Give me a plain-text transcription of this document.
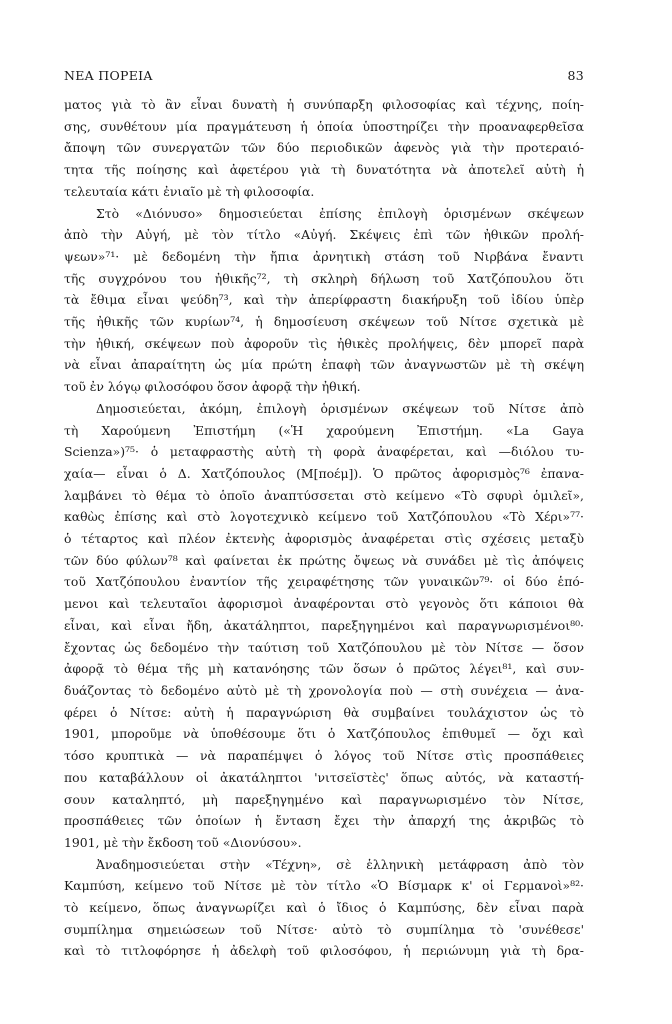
ΝΕΑ ΠΟΡΕΙΑ	83

ματος γιὰ τὸ ἂν εἶναι δυνατὴ ἡ συνύπαρξη φιλοσοφίας καὶ τέχνης, ποίη-

σης, συνθέτουν μία πραγμάτευση ἡ ὁποία ὑποστηρίζει τὴν προαναφερθεῖσα

ἄποψη τῶν συνεργατῶν τῶν δύο περιοδικῶν ἀφενὸς γιὰ τὴν προτεραιό-

τητα τῆς ποίησης καὶ ἀφετέρου γιὰ τὴ δυνατότητα νὰ ἀποτελεῖ αὐτὴ ἡ

τελευταία κάτι ἐνιαῖο μὲ τὴ φιλοσοφία.

Στὸ «Διόνυσο» δημοσιεύεται ἐπίσης ἐπιλογὴ ὁρισμένων σκέψεων

ἀπὸ τὴν Αὐγή, μὲ τὸν τίτλο «Αὐγή. Σκέψεις ἐπὶ τῶν ἠθικῶν προλή-

ψεων»⁷¹· μὲ δεδομένη τὴν ἤπια ἀρνητικὴ στάση τοῦ Νιρβάνα ἔναντι

τῆς συγχρόνου του ἠθικῆς⁷², τὴ σκληρὴ δήλωση τοῦ Χατζόπουλου ὅτι

τὰ ἔθιμα εἶναι ψεύδη⁷³, καὶ τὴν ἀπερίφραστη διακήρυξη τοῦ ἰδίου ὑπὲρ

τῆς ἠθικῆς τῶν κυρίων⁷⁴, ἡ δημοσίευση σκέψεων τοῦ Νίτσε σχετικὰ μὲ

τὴν ἠθική, σκέψεων ποὺ ἀφοροῦν τὶς ἠθικὲς προλήψεις, δὲν μπορεῖ παρὰ

νὰ εἶναι ἀπαραίτητη ὡς μία πρώτη ἐπαφὴ τῶν ἀναγνωστῶν μὲ τὴ σκέψη

τοῦ ἐν λόγῳ φιλοσόφου ὅσον ἀφορᾷ τὴν ἠθική.

Δημοσιεύεται, ἀκόμη, ἐπιλογὴ ὁρισμένων σκέψεων τοῦ Νίτσε ἀπὸ

τὴ Χαρούμενη Ἐπιστήμη («Ἡ χαρούμενη Ἐπιστήμη. «La Gaya

Scienza»)⁷⁵· ὁ μεταφραστὴς αὐτὴ τὴ φορὰ ἀναφέρεται, καὶ —διόλου τυ-

χαία— εἶναι ὁ Δ. Χατζόπουλος (Μ[ποέμ]). Ὁ πρῶτος ἀφορισμὸς⁷⁶ ἐπανα-

λαμβάνει τὸ θέμα τὸ ὁποῖο ἀναπτύσσεται στὸ κείμενο «Τὸ σφυρὶ ὁμιλεῖ»,

καθὼς ἐπίσης καὶ στὸ λογοτεχνικὸ κείμενο τοῦ Χατζόπουλου «Τὸ Χέρι»⁷⁷·

ὁ τέταρτος καὶ πλέον ἐκτενὴς ἀφορισμὸς ἀναφέρεται στὶς σχέσεις μεταξὺ

τῶν δύο φύλων⁷⁸ καὶ φαίνεται ἐκ πρώτης ὄψεως νὰ συνάδει μὲ τὶς ἀπόψεις

τοῦ Χατζόπουλου ἐναντίον τῆς χειραφέτησης τῶν γυναικῶν⁷⁹· οἱ δύο ἑπό-

μενοι καὶ τελευταῖοι ἀφορισμοὶ ἀναφέρονται στὸ γεγονὸς ὅτι κάποιοι θὰ

εἶναι, καὶ εἶναι ἤδη, ἀκατάληπτοι, παρεξηγημένοι καὶ παραγνωρισμένοι⁸⁰·

ἔχοντας ὡς δεδομένο τὴν ταύτιση τοῦ Χατζόπουλου μὲ τὸν Νίτσε — ὅσον

ἀφορᾷ τὸ θέμα τῆς μὴ κατανόησης τῶν ὅσων ὁ πρῶτος λέγει⁸¹, καὶ συν-

δυάζοντας τὸ δεδομένο αὐτὸ μὲ τὴ χρονολογία ποὺ — στὴ συνέχεια — ἀνα-

φέρει ὁ Νίτσε: αὐτὴ ἡ παραγνώριση θὰ συμβαίνει τουλάχιστον ὡς τὸ

1901, μποροῦμε νὰ ὑποθέσουμε ὅτι ὁ Χατζόπουλος ἐπιθυμεῖ — ὄχι καὶ

τόσο κρυπτικὰ — νὰ παραπέμψει ὁ λόγος τοῦ Νίτσε στὶς προσπάθειες

που καταβάλλουν οἱ ἀκατάληπτοι 'νιτσεϊστὲς' ὅπως αὐτός, νὰ καταστή-

σουν καταληπτό, μὴ παρεξηγημένο καὶ παραγνωρισμένο τὸν Νίτσε,

προσπάθειες τῶν ὁποίων ἡ ἔνταση ἔχει τὴν ἀπαρχή της ἀκριβῶς τὸ

1901, μὲ τὴν ἔκδοση τοῦ «Διονύσου».

Ἀναδημοσιεύεται στὴν «Τέχνη», σὲ ἑλληνικὴ μετάφραση ἀπὸ τὸν

Καμπύση, κείμενο τοῦ Νίτσε μὲ τὸν τίτλο «Ὁ Βίσμαρκ κ' οἱ Γερμανοὶ»⁸²·

τὸ κείμενο, ὅπως ἀναγνωρίζει καὶ ὁ ἴδιος ὁ Καμπύσης, δὲν εἶναι παρὰ

συμπίλημα σημειώσεων τοῦ Νίτσε· αὐτὸ τὸ συμπίλημα τὸ 'συνέθεσε'

καὶ τὸ τιτλοφόρησε ἡ ἀδελφὴ τοῦ φιλοσόφου, ἡ περιώνυμη γιὰ τὴ δρα-
